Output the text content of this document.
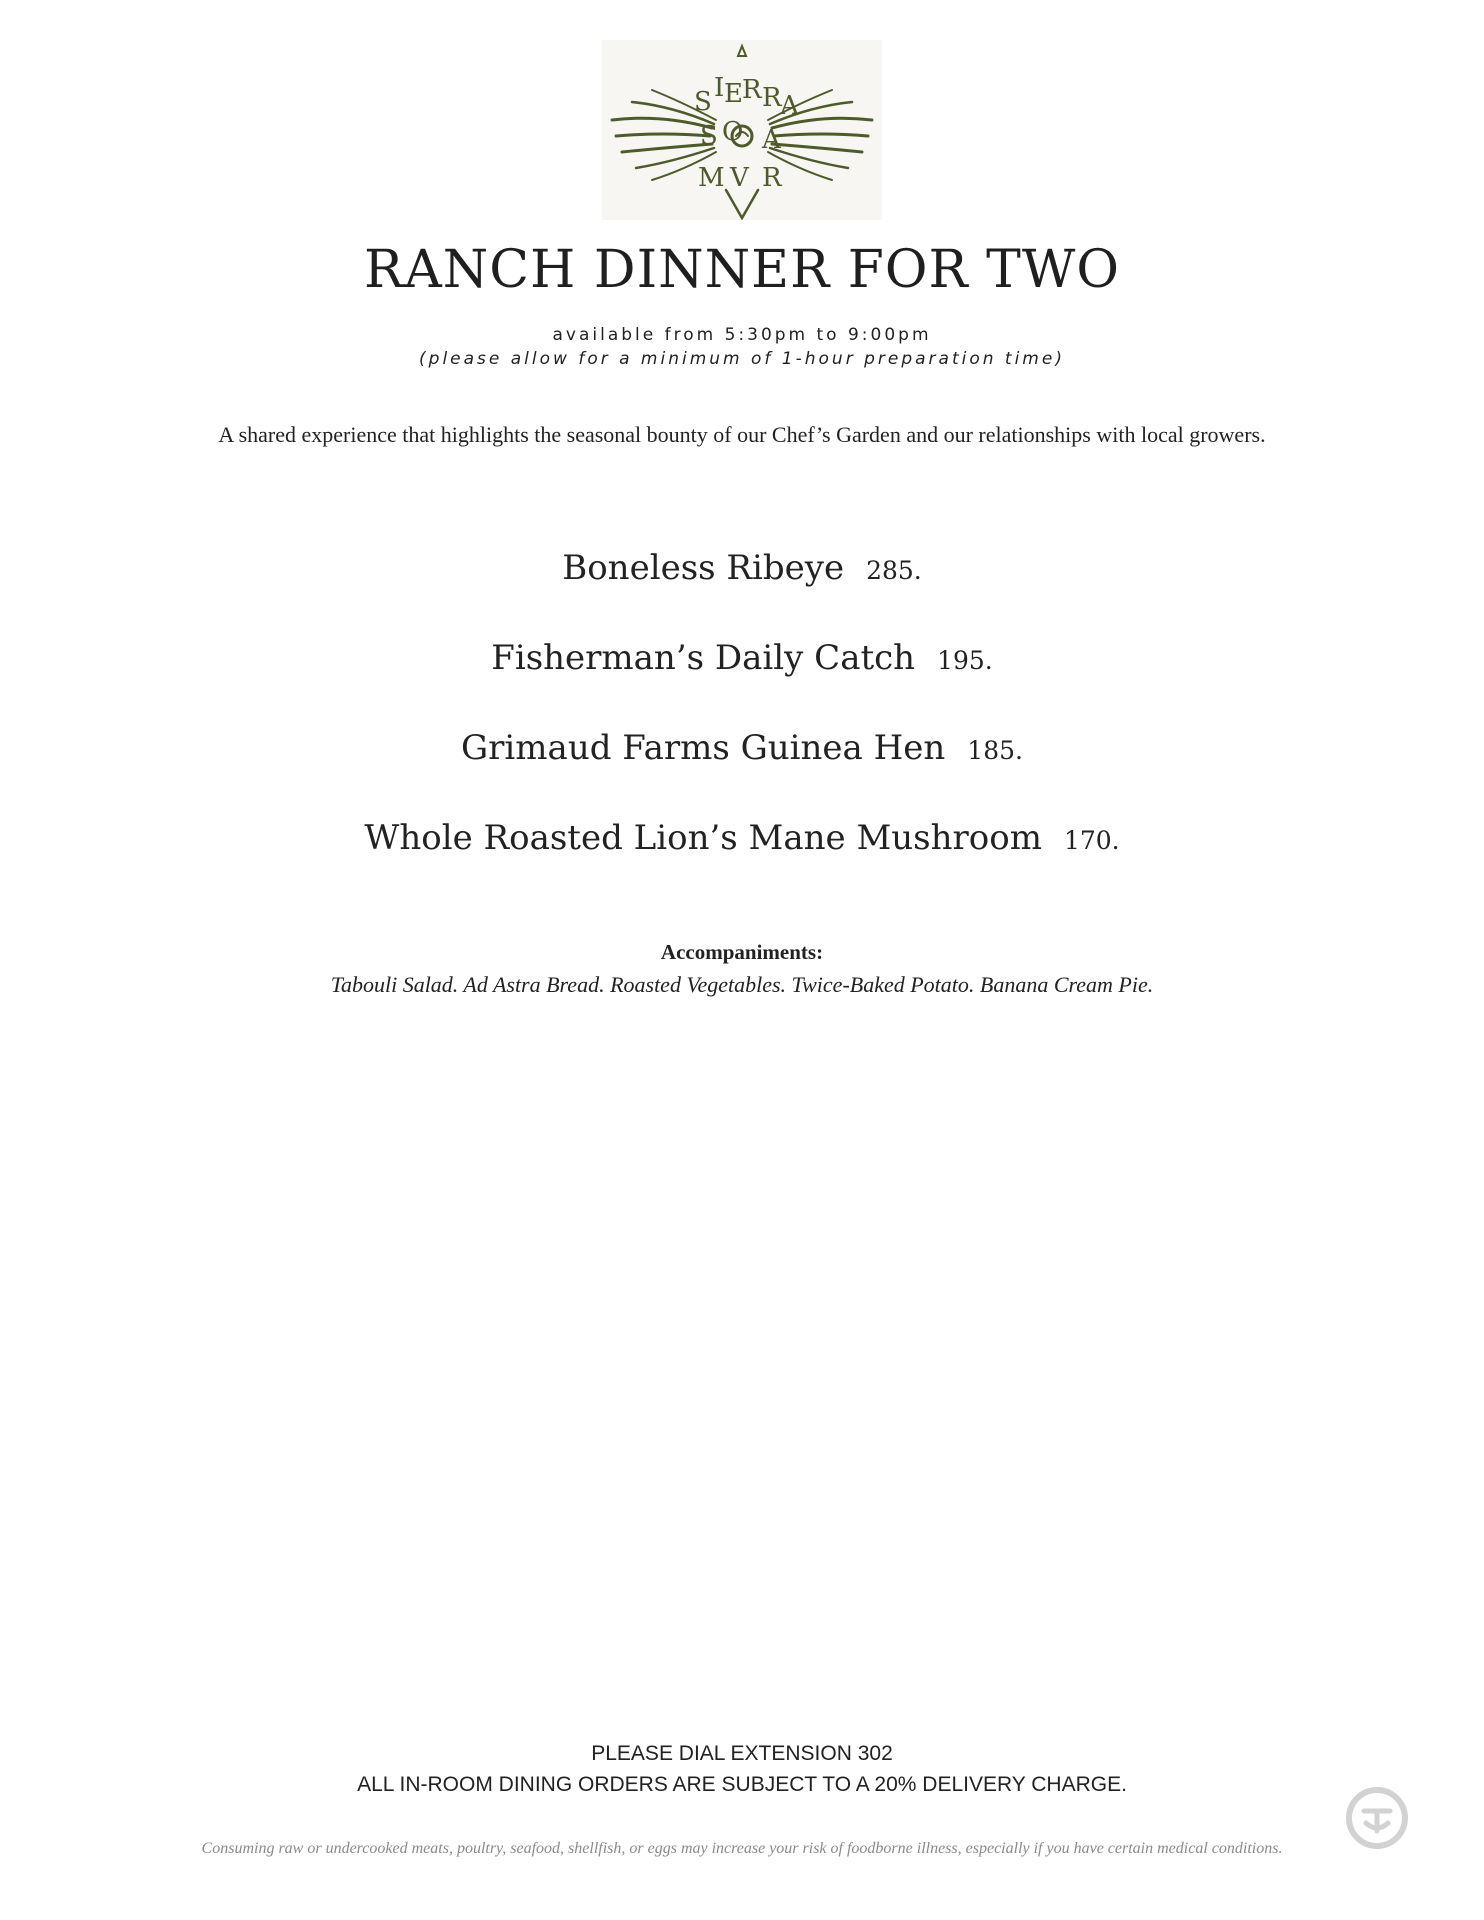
S I E R R
A
S O A
M V R
RANCH DINNER FOR TWO
available from 5:30pm to 9:00pm
(please allow for a minimum of 1-hour preparation time)
A shared experience that highlights the seasonal bounty of our Chef’s Garden and our relationships with local growers.
Boneless Ribeye 285.
Fisherman’s Daily Catch 195.
Grimaud Farms Guinea Hen 185.
Whole Roasted Lion’s Mane Mushroom 170.
Accompaniments:
Tabouli Salad. Ad Astra Bread. Roasted Vegetables. Twice-Baked Potato. Banana Cream Pie.
PLEASE DIAL EXTENSION 302
ALL IN-ROOM DINING ORDERS ARE SUBJECT TO A 20% DELIVERY CHARGE.
Consuming raw or undercooked meats, poultry, seafood, shellfish, or eggs may increase your risk of foodborne illness, especially if you have certain medical conditions.
